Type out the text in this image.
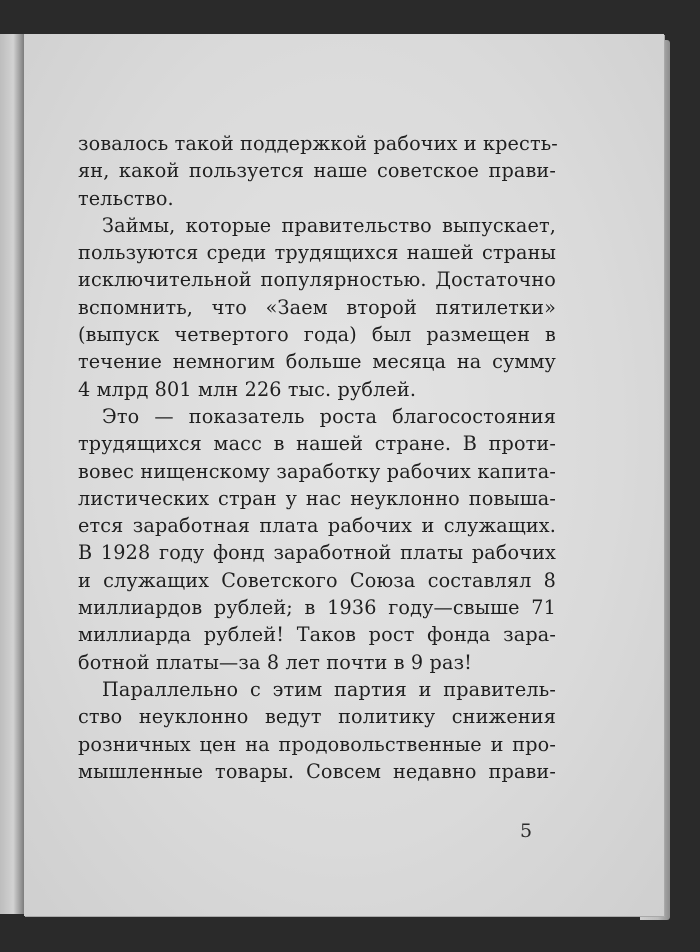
зовалось такой поддержкой рабочих и кресть-
ян, какой пользуется наше советское прави-
тельство.
Займы, которые правительство выпускает,
пользуются среди трудящихся нашей страны
исключительной популярностью. Достаточно
вспомнить, что «Заем второй пятилетки»
(выпуск четвертого года) был размещен в
течение немногим больше месяца на сумму
4 млрд 801 млн 226 тыс. рублей.
Это — показатель роста благосостояния
трудящихся масс в нашей стране. В проти-
вовес нищенскому заработку рабочих капита-
листических стран у нас неуклонно повыша-
ется заработная плата рабочих и служащих.
В 1928 году фонд заработной платы рабочих
и служащих Советского Союза составлял 8
миллиардов рублей; в 1936 году—свыше 71
миллиарда рублей! Таков рост фонда зара-
ботной платы—за 8 лет почти в 9 раз!
Параллельно с этим партия и правитель-
ство неуклонно ведут политику снижения
розничных цен на продовольственные и про-
мышленные товары. Совсем недавно прави-
5
